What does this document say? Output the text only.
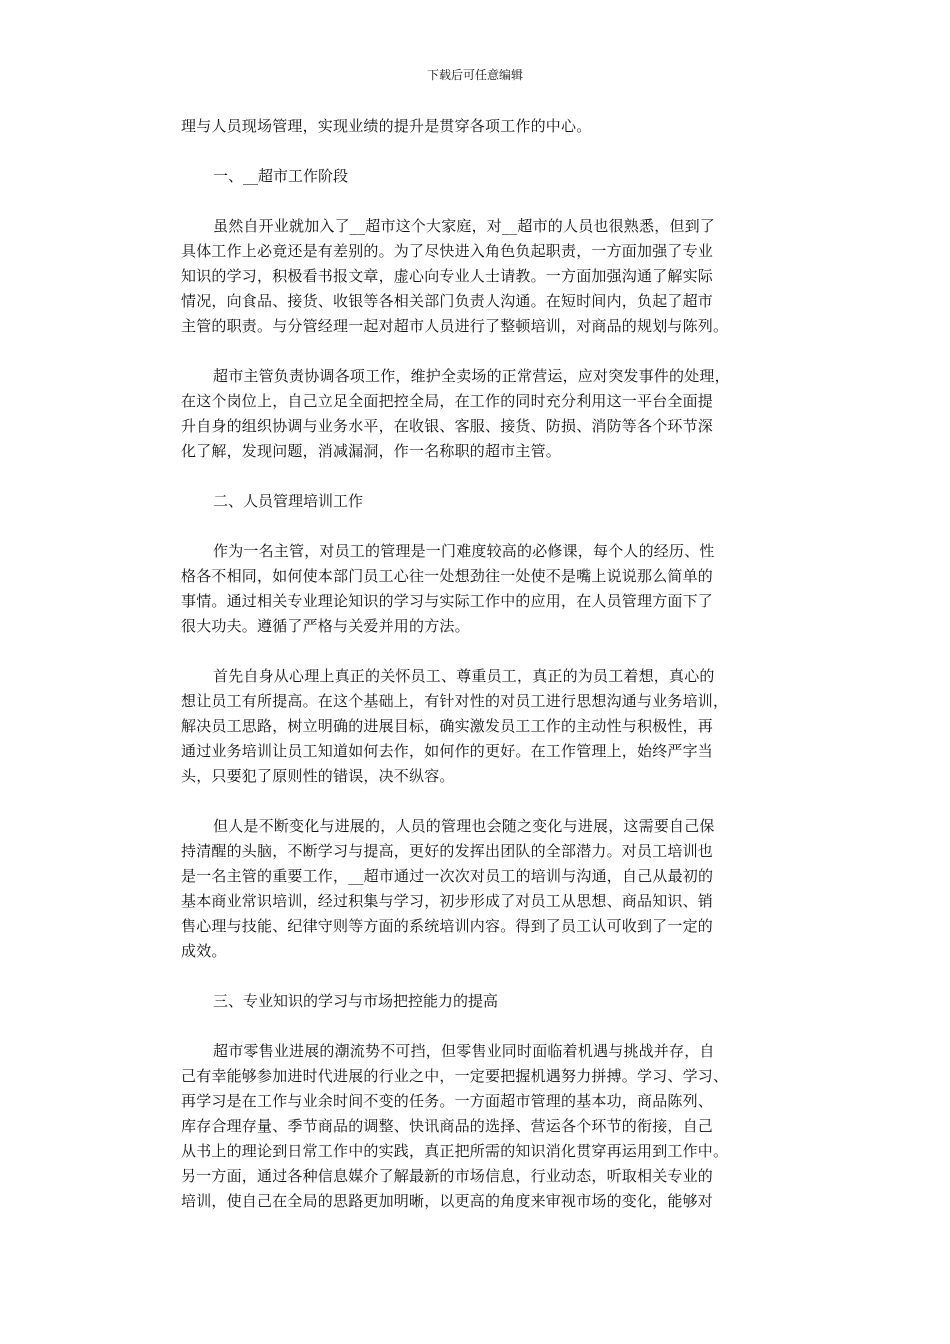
下载后可任意编辑
理与人员现场管理，实现业绩的提升是贯穿各项工作的中心。
一、__超市工作阶段
虽然自开业就加入了__超市这个大家庭，对__超市的人员也很熟悉，但到了
具体工作上必竟还是有差别的。为了尽快进入角色负起职责，一方面加强了专业
知识的学习，积极看书报文章，虚心向专业人士请教。一方面加强沟通了解实际
情况，向食品、接货、收银等各相关部门负责人沟通。在短时间内，负起了超市
主管的职责。与分管经理一起对超市人员进行了整顿培训，对商品的规划与陈列。
超市主管负责协调各项工作，维护全卖场的正常营运，应对突发事件的处理，
在这个岗位上，自己立足全面把控全局，在工作的同时充分利用这一平台全面提
升自身的组织协调与业务水平，在收银、客服、接货、防损、消防等各个环节深
化了解，发现问题，消减漏洞，作一名称职的超市主管。
二、人员管理培训工作
作为一名主管，对员工的管理是一门难度较高的必修课，每个人的经历、性
格各不相同，如何使本部门员工心往一处想劲往一处使不是嘴上说说那么简单的
事情。通过相关专业理论知识的学习与实际工作中的应用，在人员管理方面下了
很大功夫。遵循了严格与关爱并用的方法。
首先自身从心理上真正的关怀员工、尊重员工，真正的为员工着想，真心的
想让员工有所提高。在这个基础上，有针对性的对员工进行思想沟通与业务培训，
解决员工思路，树立明确的进展目标，确实激发员工工作的主动性与积极性，再
通过业务培训让员工知道如何去作，如何作的更好。在工作管理上，始终严字当
头，只要犯了原则性的错误，决不纵容。
但人是不断变化与进展的，人员的管理也会随之变化与进展，这需要自己保
持清醒的头脑，不断学习与提高，更好的发挥出团队的全部潜力。对员工培训也
是一名主管的重要工作，__超市通过一次次对员工的培训与沟通，自己从最初的
基本商业常识培训，经过积集与学习，初步形成了对员工从思想、商品知识、销
售心理与技能、纪律守则等方面的系统培训内容。得到了员工认可收到了一定的
成效。
三、专业知识的学习与市场把控能力的提高
超市零售业进展的潮流势不可挡，但零售业同时面临着机遇与挑战并存，自
己有幸能够参加进时代进展的行业之中，一定要把握机遇努力拼搏。学习、学习、
再学习是在工作与业余时间不变的任务。一方面超市管理的基本功，商品陈列、
库存合理存量、季节商品的调整、快讯商品的选择、营运各个环节的衔接，自己
从书上的理论到日常工作中的实践，真正把所需的知识消化贯穿再运用到工作中。
另一方面，通过各种信息媒介了解最新的市场信息，行业动态，听取相关专业的
培训，使自己在全局的思路更加明晰，以更高的角度来审视市场的变化，能够对
